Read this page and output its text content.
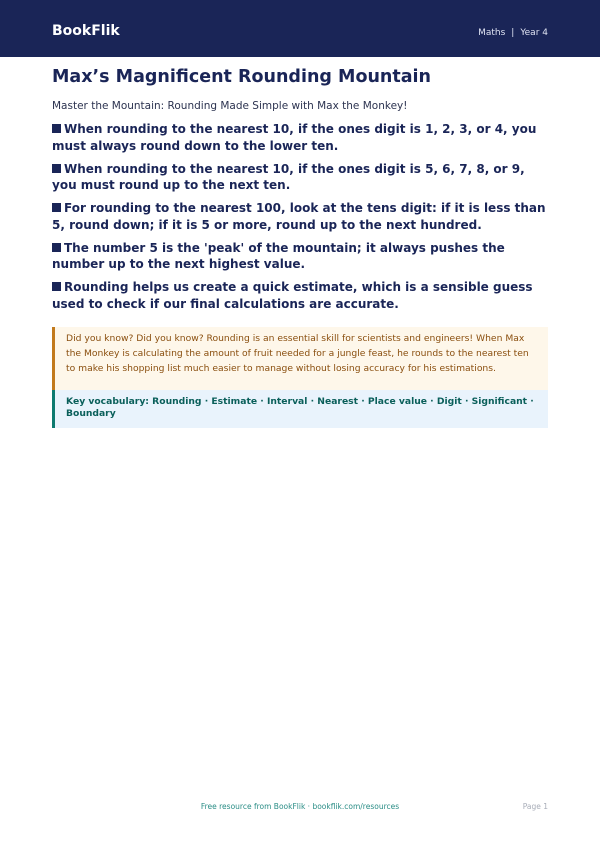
BookFlik	Maths | Year 4
Max’s Magnificent Rounding Mountain
Master the Mountain: Rounding Made Simple with Max the Monkey!
When rounding to the nearest 10, if the ones digit is 1, 2, 3, or 4, you must always round down to the lower ten.
When rounding to the nearest 10, if the ones digit is 5, 6, 7, 8, or 9, you must round up to the next ten.
For rounding to the nearest 100, look at the tens digit: if it is less than 5, round down; if it is 5 or more, round up to the next hundred.
The number 5 is the 'peak' of the mountain; it always pushes the number up to the next highest value.
Rounding helps us create a quick estimate, which is a sensible guess used to check if our final calculations are accurate.
Did you know? Did you know? Rounding is an essential skill for scientists and engineers! When Max the Monkey is calculating the amount of fruit needed for a jungle feast, he rounds to the nearest ten to make his shopping list much easier to manage without losing accuracy for his estimations.
Key vocabulary: Rounding · Estimate · Interval · Nearest · Place value · Digit · Significant · Boundary
Free resource from BookFlik · bookflik.com/resources	Page 1
